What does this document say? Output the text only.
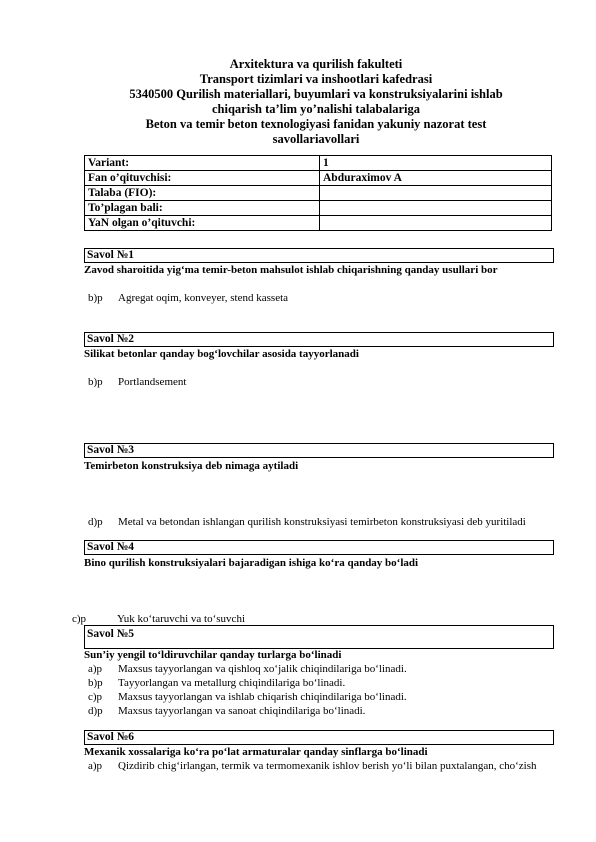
Arxitektura va qurilish fakulteti
Transport tizimlari va inshootlari kafedrasi
5340500 Qurilish materiallari, buyumlari va konstruksiyalarini ishlab
chiqarish ta’lim yo’nalishi talabalariga
Beton va temir beton texnologiyasi fanidan yakuniy nazorat test
savollariavollari
Variant:	1
Fan o’qituvchisi:	Abduraximov A
Talaba (FIO):	
To’plagan bali:	
YaN olgan o’qituvchi:	
Savol №1
Zavod sharoitida yig‘ma temir-beton mahsulot ishlab chiqarishning qanday usullari bor
b)p Agregat oqim, konveyer, stend kasseta
Savol №2
Silikat betonlar qanday bog‘lovchilar asosida tayyorlanadi
b)p Portlandsement
Savol №3
Temirbeton konstruksiya deb nimaga aytiladi
d)p Metal va betondan ishlangan qurilish konstruksiyasi temirbeton konstruksiyasi deb yuritiladi
Savol №4
Bino qurilish konstruksiyalari bajaradigan ishiga ko‘ra qanday bo‘ladi
c)p	Yuk ko‘taruvchi va to‘suvchi
Savol №5
Sun’iy yengil to‘ldiruvchilar qanday turlarga bo‘linadi
a)p Maxsus tayyorlangan va qishloq xo‘jalik chiqindilariga bo‘linadi.
b)p Tayyorlangan va metallurg chiqindilariga bo‘linadi.
c)p Maxsus tayyorlangan va ishlab chiqarish chiqindilariga bo‘linadi.
d)p Maxsus tayyorlangan va sanoat chiqindilariga bo‘linadi.
Savol №6
Mexanik xossalariga ko‘ra po‘lat armaturalar qanday sinflarga bo‘linadi
a)p Qizdirib chig‘irlangan, termik va termomexanik ishlov berish yo‘li bilan puxtalangan, cho‘zish
